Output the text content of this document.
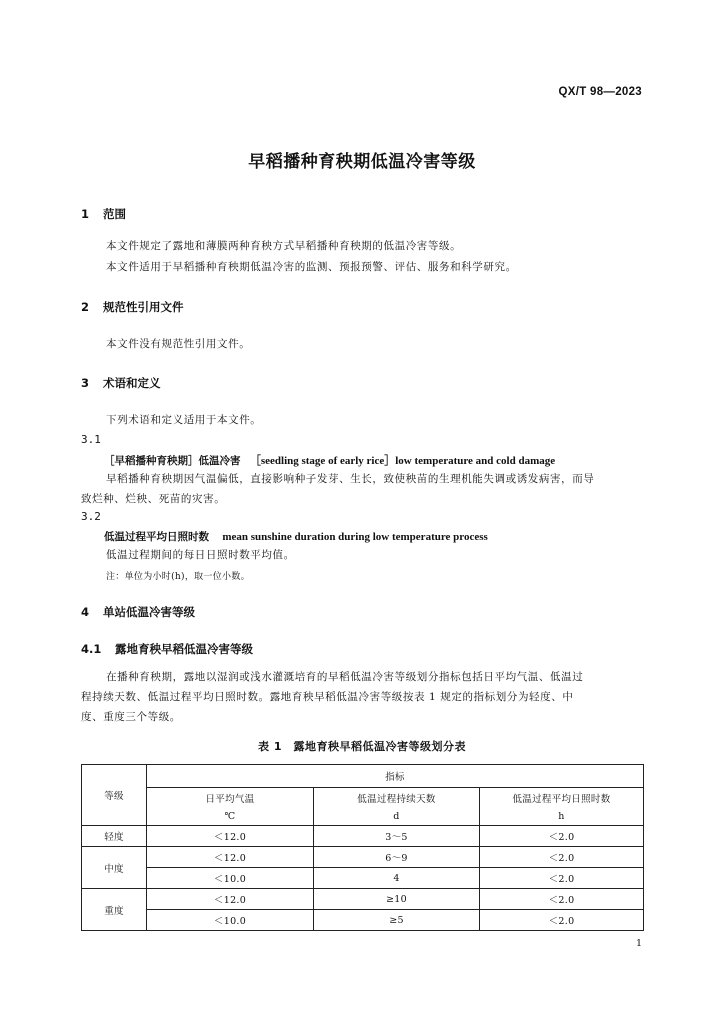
QX/T 98—2023
早稻播种育秧期低温冷害等级
1 范围
本文件规定了露地和薄膜两种育秧方式早稻播种育秧期的低温冷害等级。
本文件适用于早稻播种育秧期低温冷害的监测、预报预警、评估、服务和科学研究。
2 规范性引用文件
本文件没有规范性引用文件。
3 术语和定义
下列术语和定义适用于本文件。
3.1
［早稻播种育秧期］低温冷害 ［seedling stage of early rice］low temperature and cold damage
早稻播种育秧期因气温偏低，直接影响种子发芽、生长，致使秧苗的生理机能失调或诱发病害，而导
致烂种、烂秧、死苗的灾害。
3.2
低温过程平均日照时数 mean sunshine duration during low temperature process
低温过程期间的每日日照时数平均值。
注：单位为小时(h)，取一位小数。
4 单站低温冷害等级
4.1 露地育秧早稻低温冷害等级
在播种育秧期，露地以湿润或浅水灌溉培育的早稻低温冷害等级划分指标包括日平均气温、低温过
程持续天数、低温过程平均日照时数。露地育秧早稻低温冷害等级按表 1 规定的指标划分为轻度、中
度、重度三个等级。
表 1　露地育秧早稻低温冷害等级划分表
等级	指标		
	日平均气温	低温过程持续天数	低温过程平均日照时数
	℃	d	h
轻度	＜12.0	3～5	＜2.0
中度	＜12.0	6～9	＜2.0
	＜10.0	4	＜2.0
重度	＜12.0	≥10	＜2.0
	＜10.0	≥5	＜2.0
1
